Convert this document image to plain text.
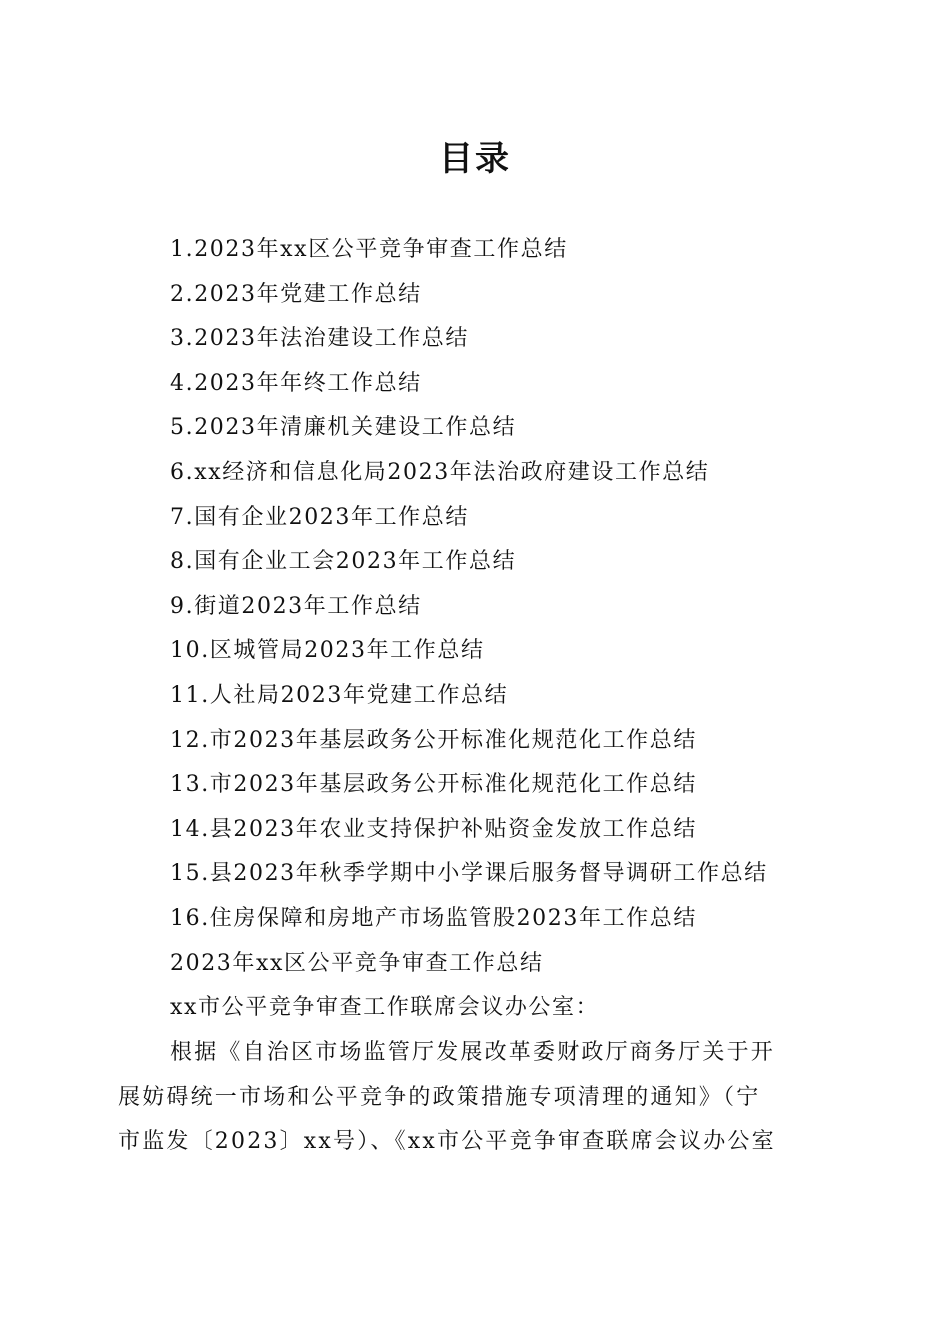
目录
1.2023年xx区公平竞争审查工作总结
2.2023年党建工作总结
3.2023年法治建设工作总结
4.2023年年终工作总结
5.2023年清廉机关建设工作总结
6.xx经济和信息化局2023年法治政府建设工作总结
7.国有企业2023年工作总结
8.国有企业工会2023年工作总结
9.街道2023年工作总结
10.区城管局2023年工作总结
11.人社局2023年党建工作总结
12.市2023年基层政务公开标准化规范化工作总结
13.市2023年基层政务公开标准化规范化工作总结
14.县2023年农业支持保护补贴资金发放工作总结
15.县2023年秋季学期中小学课后服务督导调研工作总结
16.住房保障和房地产市场监管股2023年工作总结
2023年xx区公平竞争审查工作总结
xx市公平竞争审查工作联席会议办公室：
根据《自治区市场监管厅发展改革委财政厅商务厅关于开
展妨碍统一市场和公平竞争的政策措施专项清理的通知》（宁
市监发〔2023〕xx号）、《xx市公平竞争审查联席会议办公室
